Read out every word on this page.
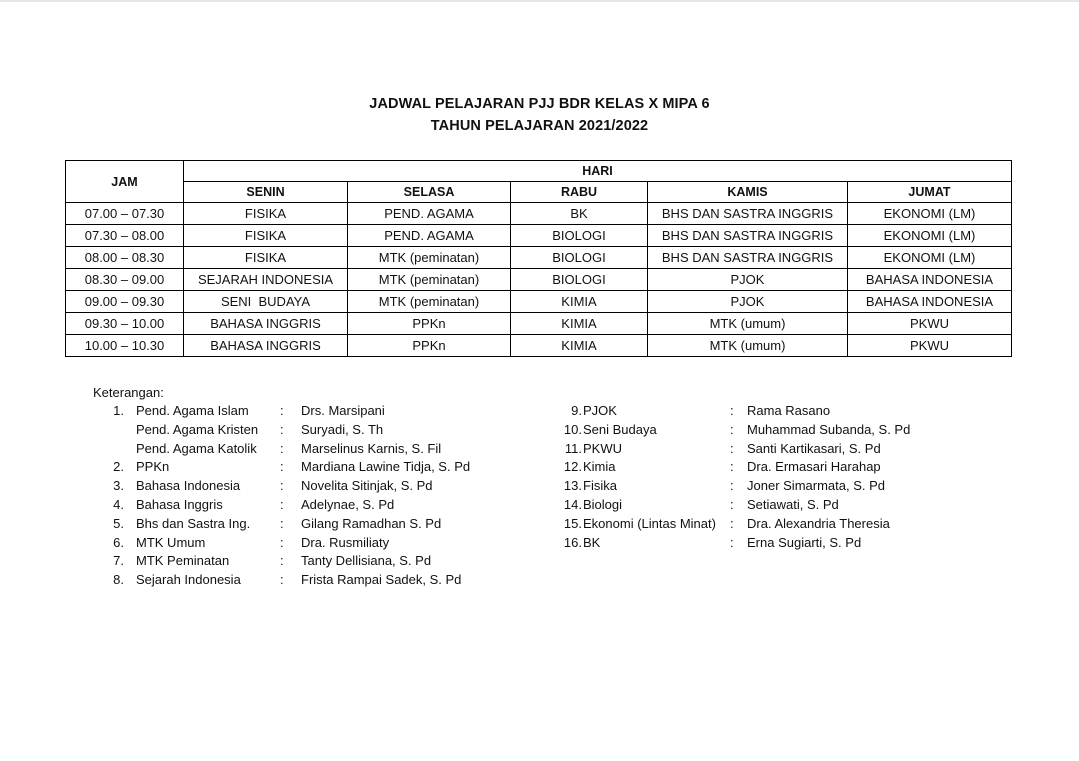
JADWAL PELAJARAN PJJ BDR KELAS X MIPA 6
TAHUN PELAJARAN 2021/2022
JAM	HARI				
	SENIN	SELASA	RABU	KAMIS	JUMAT
07.00 – 07.30	FISIKA	PEND. AGAMA	BK	BHS DAN SASTRA INGGRIS	EKONOMI (LM)
07.30 – 08.00	FISIKA	PEND. AGAMA	BIOLOGI	BHS DAN SASTRA INGGRIS	EKONOMI (LM)
08.00 – 08.30	FISIKA	MTK (peminatan)	BIOLOGI	BHS DAN SASTRA INGGRIS	EKONOMI (LM)
08.30 – 09.00	SEJARAH INDONESIA	MTK (peminatan)	BIOLOGI	PJOK	BAHASA INDONESIA
09.00 – 09.30	SENI  BUDAYA	MTK (peminatan)	KIMIA	PJOK	BAHASA INDONESIA
09.30 – 10.00	BAHASA INGGRIS	PPKn	KIMIA	MTK (umum)	PKWU
10.00 – 10.30	BAHASA INGGRIS	PPKn	KIMIA	MTK (umum)	PKWU
Keterangan:
1. Pend. Agama Islam : Drs. Marsipani
Pend. Agama Kristen : Suryadi, S. Th
Pend. Agama Katolik : Marselinus Karnis, S. Fil
2. PPKn	: Mardiana Lawine Tidja, S. Pd
3. Bahasa Indonesia	: Novelita Sitinjak, S. Pd
4. Bahasa Inggris	: Adelynae, S. Pd
5. Bhs dan Sastra Ing. : Gilang Ramadhan S. Pd
6. MTK Umum	: Dra. Rusmiliaty
7. MTK Peminatan	: Tanty Dellisiana, S. Pd
8. Sejarah Indonesia	: Frista Rampai Sadek, S. Pd
9. PJOK	: Rama Rasano
10. Seni Budaya	: Muhammad Subanda, S. Pd
11. PKWU	: Santi Kartikasari, S. Pd
12. Kimia	: Dra. Ermasari Harahap
13. Fisika	: Joner Simarmata, S. Pd
14. Biologi	: Setiawati, S. Pd
15. Ekonomi (Lintas Minat) : Dra. Alexandria Theresia
16. BK	: Erna Sugiarti, S. Pd
